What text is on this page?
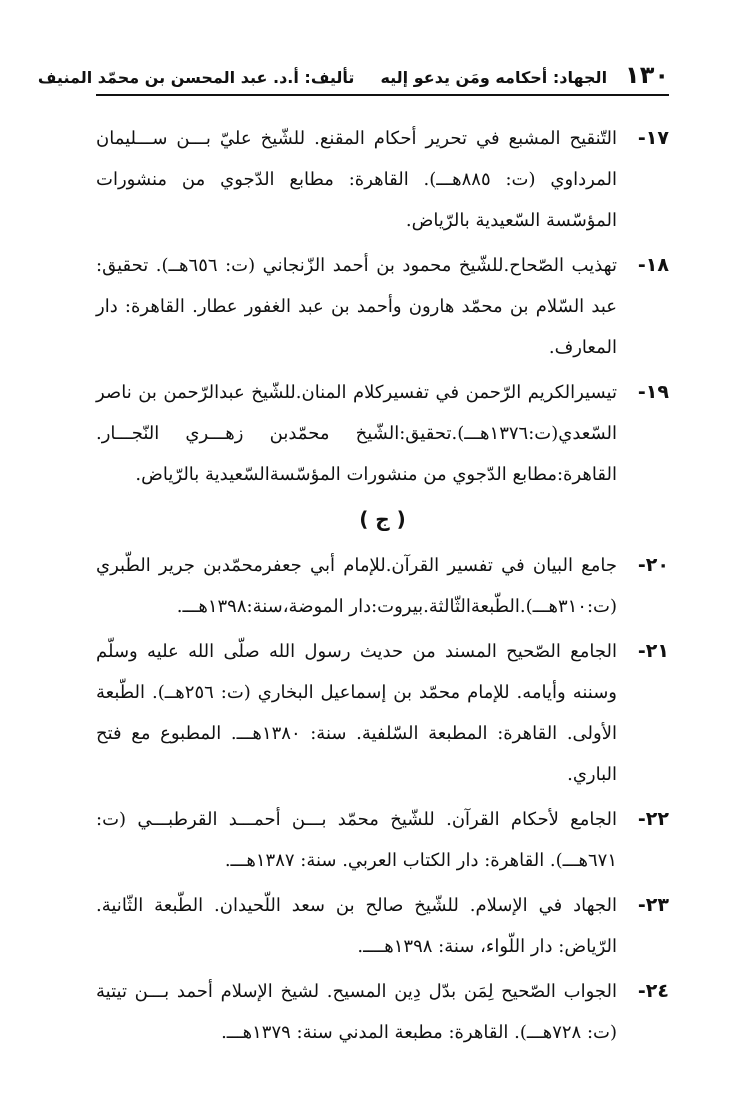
١٣٠
الجهاد: أحكامه ومَن يدعو إليه
تأليف: أ.د. عبد المحسن بن محمّد المنيف
١٧-
التّنقيح المشبع في تحرير أحكام المقنع. للشّيخ عليّ بـــن ســـليمان المرداوي (ت: ٨٨٥هـــ). القاهرة: مطابع الدّجوي من منشورات المؤسّسة السّعيدية بالرّياض.
١٨-
تهذيب الصّحاح.للشّيخ محمود بن أحمد الزّنجاني (ت: ٦٥٦هــ). تحقيق: عبد السّلام بن محمّد هارون وأحمد بن عبد الغفور عطار. القاهرة: دار المعارف.
١٩-
تيسيرالكريم الرّحمن في تفسيركلام المنان.للشّيخ عبدالرّحمن بن ناصر السّعدي(ت:١٣٧٦هـــ).تحقيق:الشّيخ محمّدبن زهـــري النّجـــار. القاهرة:مطابع الدّجوي من منشورات المؤسّسةالسّعيدية بالرّياض.
( ج )
٢٠-
جامع البيان في تفسير القرآن.للإمام أبي جعفرمحمّدبن جرير الطّبري (ت:٣١٠هـــ).الطّبعةالثّالثة.بيروت:دار الموضة،سنة:١٣٩٨هـــ.
٢١-
الجامع الصّحيح المسند من حديث رسول الله صلّى الله عليه وسلّم وسننه وأيامه. للإمام محمّد بن إسماعيل البخاري (ت: ٢٥٦هــ). الطّبعة الأولى. القاهرة: المطبعة السّلفية. سنة: ١٣٨٠هـــ. المطبوع مع فتح الباري.
٢٢-
الجامع لأحكام القرآن. للشّيخ محمّد بـــن أحمـــد القرطبـــي (ت: ٦٧١هـــ). القاهرة: دار الكتاب العربي. سنة: ١٣٨٧هـــ.
٢٣-
الجهاد في الإسلام. للشّيخ صالح بن سعد اللّحيدان. الطّبعة الثّانية. الرّياض: دار اللّواء، سنة: ١٣٩٨هــــ.
٢٤-
الجواب الصّحيح لِمَن بدّل دِين المسيح. لشيخ الإسلام أحمد بـــن تيتية (ت: ٧٢٨هـــ). القاهرة: مطبعة المدني سنة: ١٣٧٩هـــ.
